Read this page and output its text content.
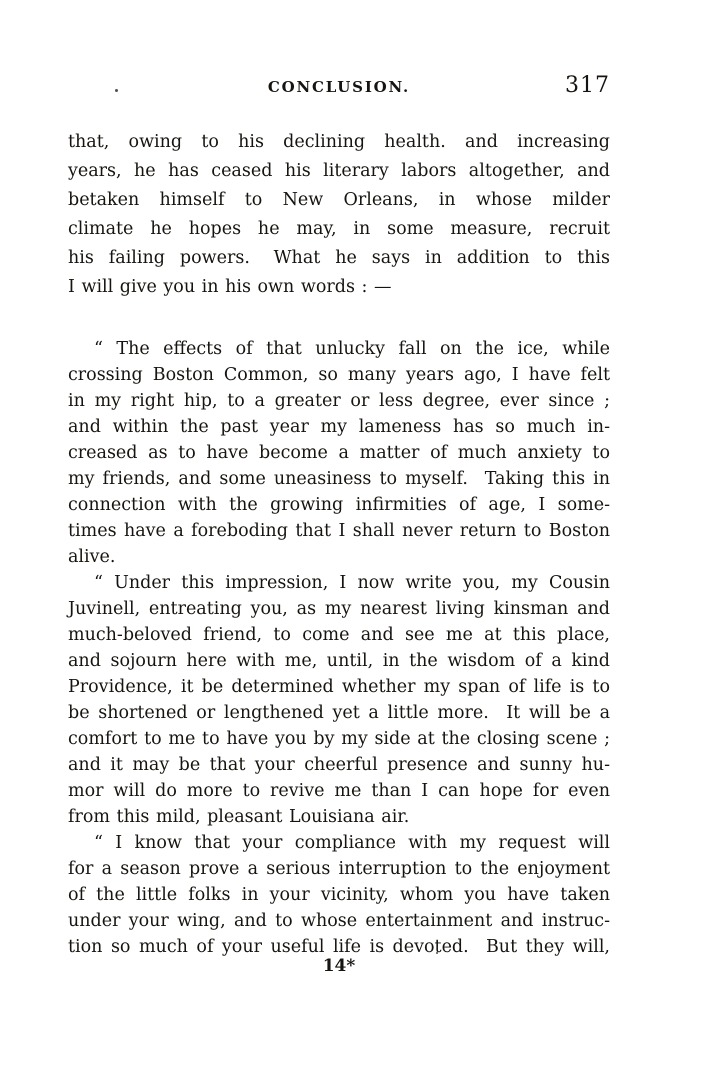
CONCLUSION.	317
that, owing to his declining health. and increasing
years, he has ceased his literary labors altogether, and
betaken himself to New Orleans, in whose milder
climate he hopes he may, in some measure, recruit
his failing powers.  What he says in addition to this
I will give you in his own words : —
“ The effects of that unlucky fall on the ice, while
crossing Boston Common, so many years ago, I have felt
in my right hip, to a greater or less degree, ever since ;
and within the past year my lameness has so much in-
creased as to have become a matter of much anxiety to
my friends, and some uneasiness to myself.  Taking this in
connection with the growing infirmities of age, I some-
times have a foreboding that I shall never return to Boston
alive.
“ Under this impression, I now write you, my Cousin
Juvinell, entreating you, as my nearest living kinsman and
much-beloved friend, to come and see me at this place,
and sojourn here with me, until, in the wisdom of a kind
Providence, it be determined whether my span of life is to
be shortened or lengthened yet a little more.  It will be a
comfort to me to have you by my side at the closing scene ;
and it may be that your cheerful presence and sunny hu-
mor will do more to revive me than I can hope for even
from this mild, pleasant Louisiana air.
“ I know that your compliance with my request will
for a season prove a serious interruption to the enjoyment
of the little folks in your vicinity, whom you have taken
under your wing, and to whose entertainment and instruc-
tion so much of your useful life is devoted.  But they will,
14*
